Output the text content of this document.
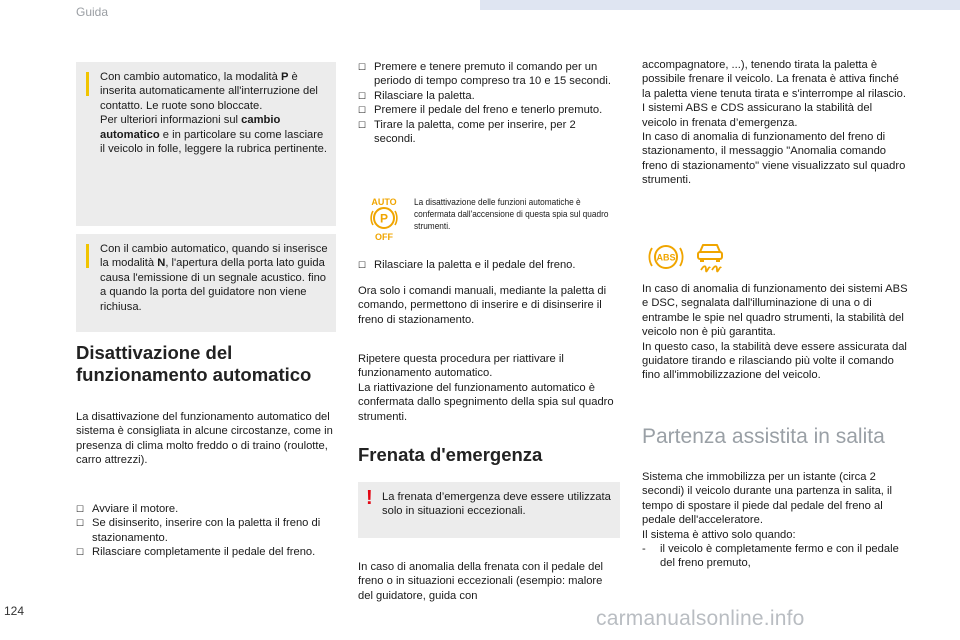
Guida

Con cambio automatico, la modalità P è inserita automaticamente all'interruzione del contatto. Le ruote sono bloccate.

Per ulteriori informazioni sul cambio automatico e in particolare su come lasciare il veicolo in folle, leggere la rubrica pertinente.

Con il cambio automatico, quando si inserisce la modalità N, l'apertura della porta lato guida causa l'emissione di un segnale acustico. fino a quando la porta del guidatore non viene richiusa.

Disattivazione del funzionamento automatico

La disattivazione del funzionamento automatico del sistema è consigliata in alcune circostanze, come in presenza di clima molto freddo o di traino (roulotte, carro attrezzi).

☐ Avviare il motore.
☐ Se disinserito, inserire con la paletta il freno di stazionamento.
☐ Rilasciare completamente il pedale del freno.
☐ Premere e tenere premuto il comando per un periodo di tempo compreso tra 10 e 15 secondi.
☐ Rilasciare la paletta.
☐ Premere il pedale del freno e tenerlo premuto.
☐ Tirare la paletta, come per inserire, per 2 secondi.
AUTO
P
OFF
La disattivazione delle funzioni automatiche è confermata dall'accensione di questa spia sul quadro strumenti.
☐ Rilasciare la paletta e il pedale del freno.

Ora solo i comandi manuali, mediante la paletta di comando, permettono di inserire e di disinserire il freno di stazionamento.

Ripetere questa procedura per riattivare il funzionamento automatico.

La riattivazione del funzionamento automatico è confermata dallo spegnimento della spia sul quadro strumenti.

Frenata d'emergenza
! La frenata d’emergenza deve essere utilizzata solo in situazioni eccezionali.

In caso di anomalia della frenata con il pedale del freno o in situazioni eccezionali (esempio: malore del guidatore, guida con

accompagnatore, ...), tenendo tirata la paletta è possibile frenare il veicolo. La frenata è attiva finché la paletta viene tenuta tirata e s'interrompe al rilascio.

I sistemi ABS e CDS assicurano la stabilità del veicolo in frenata d’emergenza.

In caso di anomalia di funzionamento del freno di stazionamento, il messaggio "Anomalia comando freno di stazionamento" viene visualizzato sul quadro strumenti.

ABS

In caso di anomalia di funzionamento dei sistemi ABS e DSC, segnalata dall'illuminazione di una o di entrambe le spie nel quadro strumenti, la stabilità del veicolo non è più garantita.

In questo caso, la stabilità deve essere assicurata dal guidatore tirando e rilasciando più volte il comando fino all'immobilizzazione del veicolo.

Partenza assistita in salita

Sistema che immobilizza per un istante (circa 2 secondi) il veicolo durante una partenza in salita, il tempo di spostare il piede dal pedale del freno al pedale dell'acceleratore.

Il sistema è attivo solo quando:

- il veicolo è completamente fermo e con il pedale del freno premuto,
124	carmanualsonline.info
